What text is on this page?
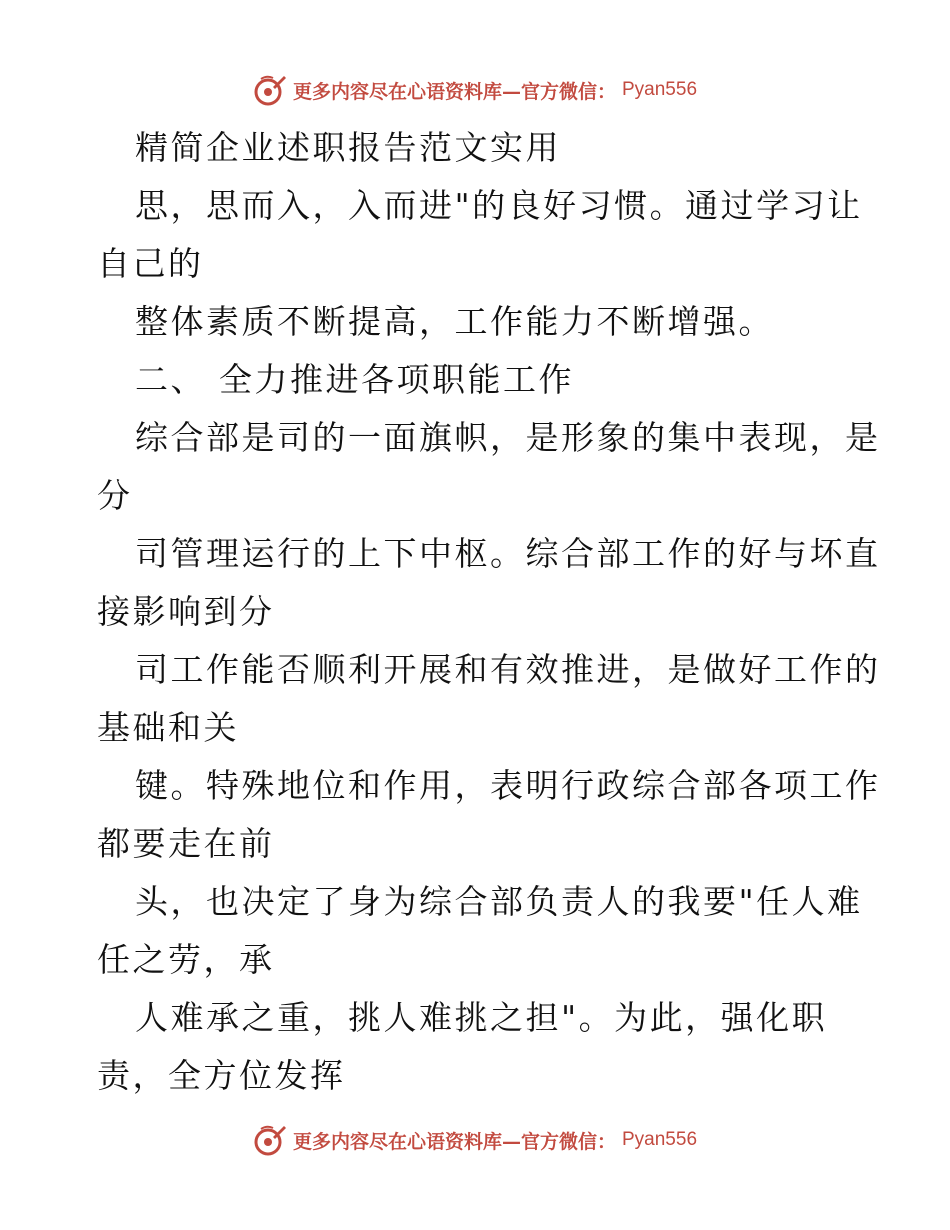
更多内容尽在心语资料库—官方微信： Pyan556
精简企业述职报告范文实用
思，思而入，入而进"的良好习惯。通过学习让
自己的
整体素质不断提高，工作能力不断增强。
二、 全力推进各项职能工作
综合部是司的一面旗帜，是形象的集中表现，是
分
司管理运行的上下中枢。综合部工作的好与坏直
接影响到分
司工作能否顺利开展和有效推进，是做好工作的
基础和关
键。特殊地位和作用，表明行政综合部各项工作
都要走在前
头，也决定了身为综合部负责人的我要"任人难
任之劳，承
人难承之重，挑人难挑之担"。为此，强化职
责，全方位发挥
更多内容尽在心语资料库—官方微信： Pyan556
